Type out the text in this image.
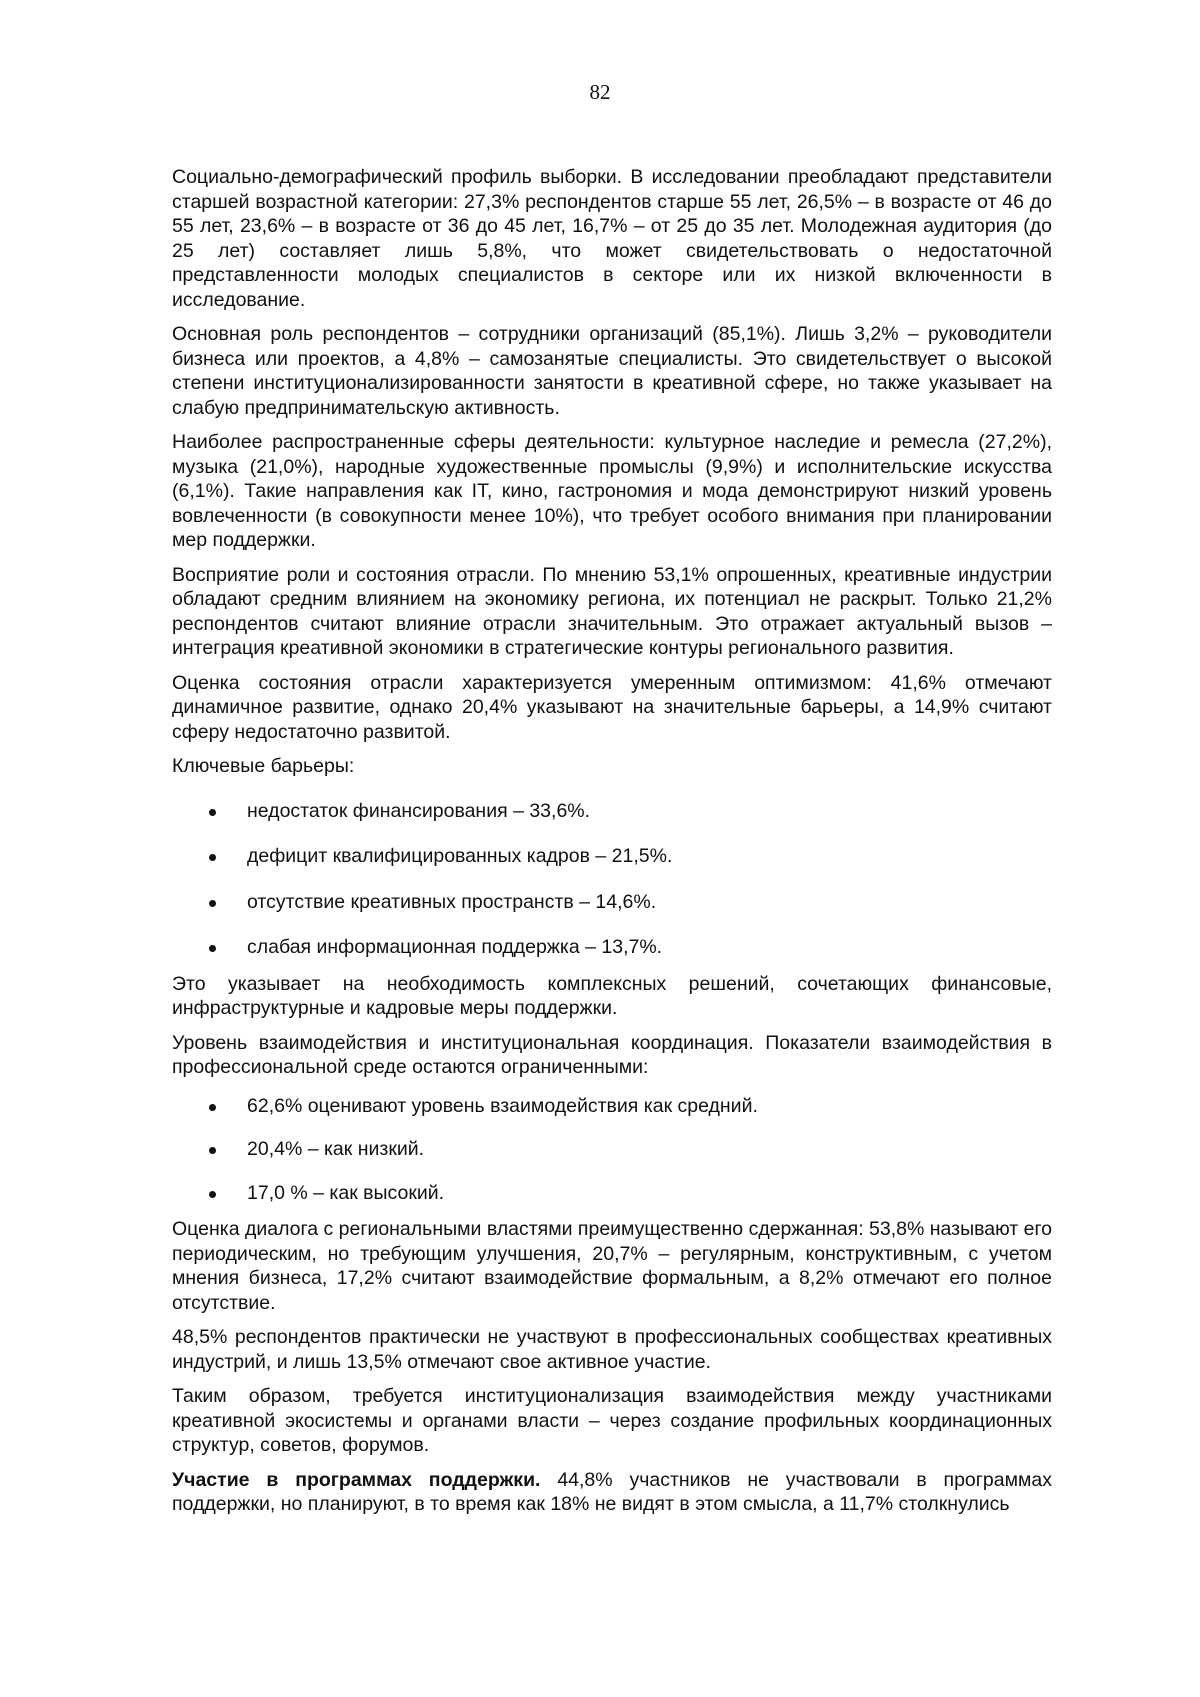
82

Социально-демографический профиль выборки. В исследовании преобладают представители старшей возрастной категории: 27,3% респондентов старше 55 лет, 26,5% – в возрасте от 46 до 55 лет, 23,6% – в возрасте от 36 до 45 лет, 16,7% – от 25 до 35 лет. Молодежная аудитория (до 25 лет) составляет лишь 5,8%, что может свидетельствовать о недостаточной представленности молодых специалистов в секторе или их низкой включенности в исследование.

Основная роль респондентов – сотрудники организаций (85,1%). Лишь 3,2% – руководители бизнеса или проектов, а 4,8% – самозанятые специалисты. Это свидетельствует о высокой степени институционализированности занятости в креативной сфере, но также указывает на слабую предпринимательскую активность.

Наиболее распространенные сферы деятельности: культурное наследие и ремесла (27,2%), музыка (21,0%), народные художественные промыслы (9,9%) и исполнительские искусства (6,1%). Такие направления как IT, кино, гастрономия и мода демонстрируют низкий уровень вовлеченности (в совокупности менее 10%), что требует особого внимания при планировании мер поддержки.

Восприятие роли и состояния отрасли. По мнению 53,1% опрошенных, креативные индустрии обладают средним влиянием на экономику региона, их потенциал не раскрыт. Только 21,2% респондентов считают влияние отрасли значительным. Это отражает актуальный вызов – интеграция креативной экономики в стратегические контуры регионального развития.

Оценка состояния отрасли характеризуется умеренным оптимизмом: 41,6% отмечают динамичное развитие, однако 20,4% указывают на значительные барьеры, а 14,9% считают сферу недостаточно развитой.

Ключевые барьеры:

недостаток финансирования – 33,6%.
дефицит квалифицированных кадров – 21,5%.
отсутствие креативных пространств – 14,6%.
слабая информационная поддержка – 13,7%.

Это указывает на необходимость комплексных решений, сочетающих финансовые, инфраструктурные и кадровые меры поддержки.

Уровень взаимодействия и институциональная координация. Показатели взаимодействия в профессиональной среде остаются ограниченными:

62,6% оценивают уровень взаимодействия как средний.
20,4% – как низкий.
17,0 % – как высокий.

Оценка диалога с региональными властями преимущественно сдержанная: 53,8% называют его периодическим, но требующим улучшения, 20,7% – регулярным, конструктивным, с учетом мнения бизнеса, 17,2% считают взаимодействие формальным, а 8,2% отмечают его полное отсутствие.

48,5% респондентов практически не участвуют в профессиональных сообществах креативных индустрий, и лишь 13,5% отмечают свое активное участие.

Таким образом, требуется институционализация взаимодействия между участниками креативной экосистемы и органами власти – через создание профильных координационных структур, советов, форумов.

Участие в программах поддержки. 44,8% участников не участвовали в программах поддержки, но планируют, в то время как 18% не видят в этом смысла, а 11,7% столкнулись
